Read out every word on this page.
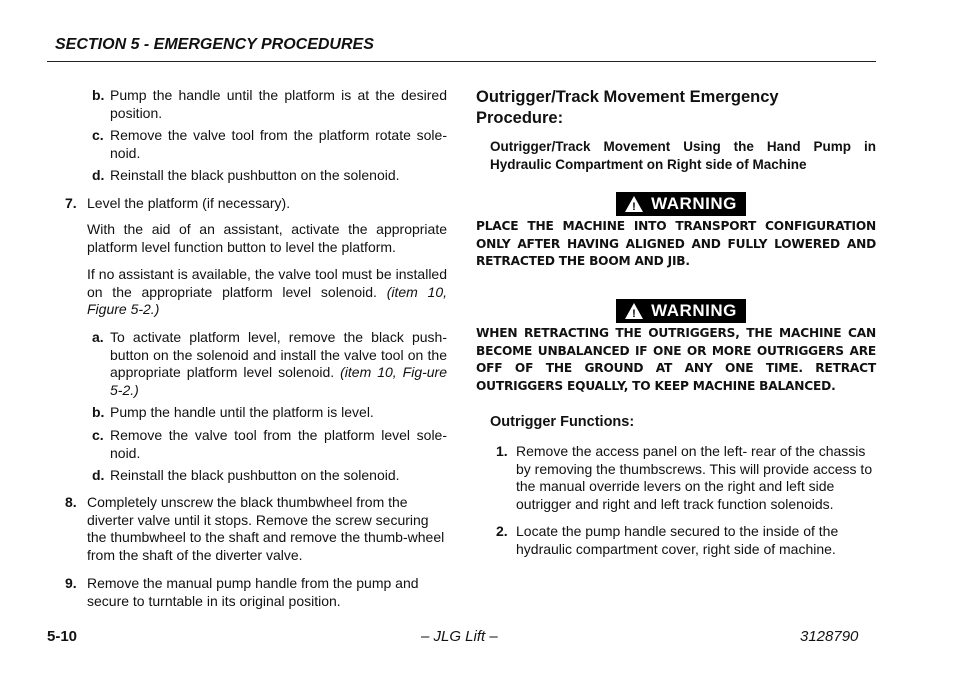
SECTION 5 - EMERGENCY PROCEDURES
b. Pump the handle until the platform is at the desired position.
c. Remove the valve tool from the platform rotate sole-noid.
d. Reinstall the black pushbutton on the solenoid.
7. Level the platform (if necessary).
With the aid of an assistant, activate the appropriate platform level function button to level the platform.
If no assistant is available, the valve tool must be installed on the appropriate platform level solenoid. (item 10, Figure 5-2.)
a. To activate platform level, remove the black push-button on the solenoid and install the valve tool on the appropriate platform level solenoid. (item 10, Fig-ure 5-2.)
b. Pump the handle until the platform is level.
c. Remove the valve tool from the platform level sole-noid.
d. Reinstall the black pushbutton on the solenoid.
8. Completely unscrew the black thumbwheel from the diverter valve until it stops. Remove the screw securing the thumbwheel to the shaft and remove the thumb-wheel from the shaft of the diverter valve.
9. Remove the manual pump handle from the pump and secure to turntable in its original position.
Outrigger/Track Movement Emergency Procedure:
Outrigger/Track Movement Using the Hand Pump in Hydraulic Compartment on Right side of Machine
! WARNING
PLACE THE MACHINE INTO TRANSPORT CONFIGURATION ONLY AFTER HAVING ALIGNED AND FULLY LOWERED AND RETRACTED THE BOOM AND JIB.
! WARNING
WHEN RETRACTING THE OUTRIGGERS, THE MACHINE CAN BECOME UNBALANCED IF ONE OR MORE OUTRIGGERS ARE OFF OF THE GROUND AT ANY ONE TIME. RETRACT OUTRIGGERS EQUALLY, TO KEEP MACHINE BALANCED.
Outrigger Functions:
1. Remove the access panel on the left- rear of the chassis by removing the thumbscrews. This will provide access to the manual override levers on the right and left side outrigger and right and left track function solenoids.
2. Locate the pump handle secured to the inside of the hydraulic compartment cover, right side of machine.
5-10	– JLG Lift –	3128790
